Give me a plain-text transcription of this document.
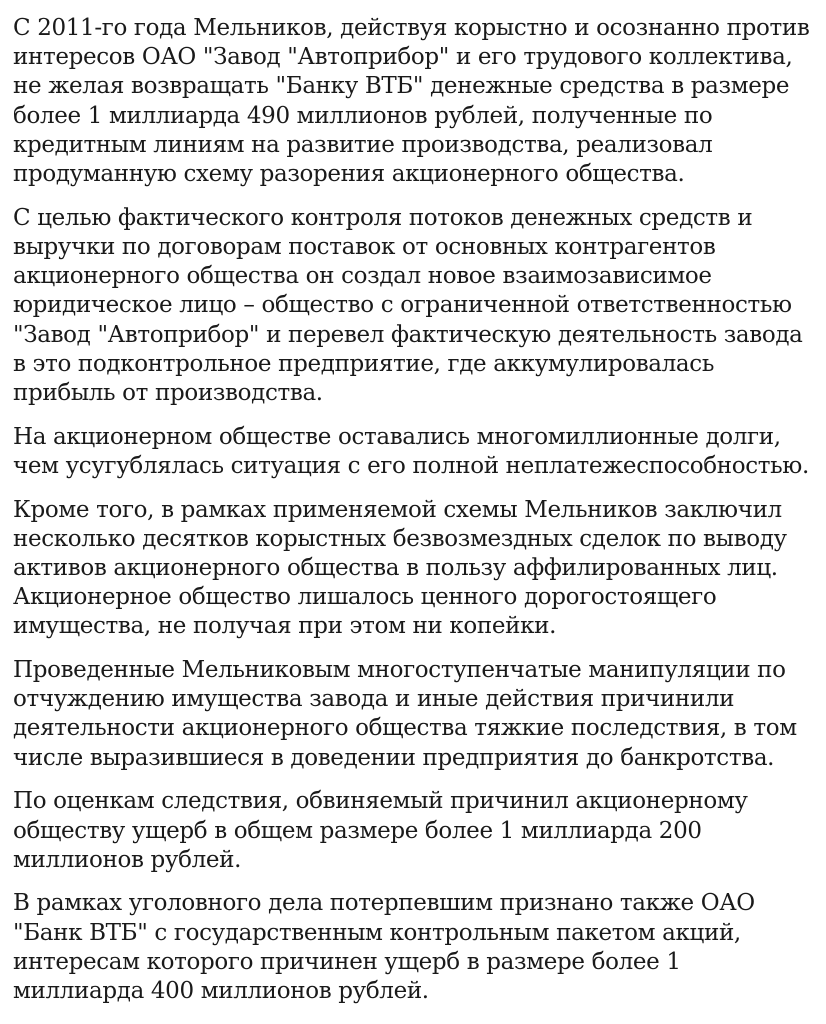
С 2011-го года Мельников, действуя корыстно и осознанно против интересов ОАО "Завод "Автоприбор" и его трудового коллектива, не желая возвращать "Банку ВТБ" денежные средства в размере более 1 миллиарда 490 миллионов рублей, полученные по кредитным линиям на развитие производства, реализовал продуманную схему разорения акционерного общества.

С целью фактического контроля потоков денежных средств и выручки по договорам поставок от основных контрагентов акционерного общества он создал новое взаимозависимое юридическое лицо – общество с ограниченной ответственностью "Завод "Автоприбор" и перевел фактическую деятельность завода в это подконтрольное предприятие, где аккумулировалась прибыль от производства.

На акционерном обществе оставались многомиллионные долги, чем усугублялась ситуация с его полной неплатежеспособностью.

Кроме того, в рамках применяемой схемы Мельников заключил несколько десятков корыстных безвозмездных сделок по выводу активов акционерного общества в пользу аффилированных лиц. Акционерное общество лишалось ценного дорогостоящего имущества, не получая при этом ни копейки.

Проведенные Мельниковым многоступенчатые манипуляции по отчуждению имущества завода и иные действия причинили деятельности акционерного общества тяжкие последствия, в том числе выразившиеся в доведении предприятия до банкротства.

По оценкам следствия, обвиняемый причинил акционерному обществу ущерб в общем размере более 1 миллиарда 200 миллионов рублей.

В рамках уголовного дела потерпевшим признано также ОАО "Банк ВТБ" с государственным контрольным пакетом акций, интересам которого причинен ущерб в размере более 1 миллиарда 400 миллионов рублей.
